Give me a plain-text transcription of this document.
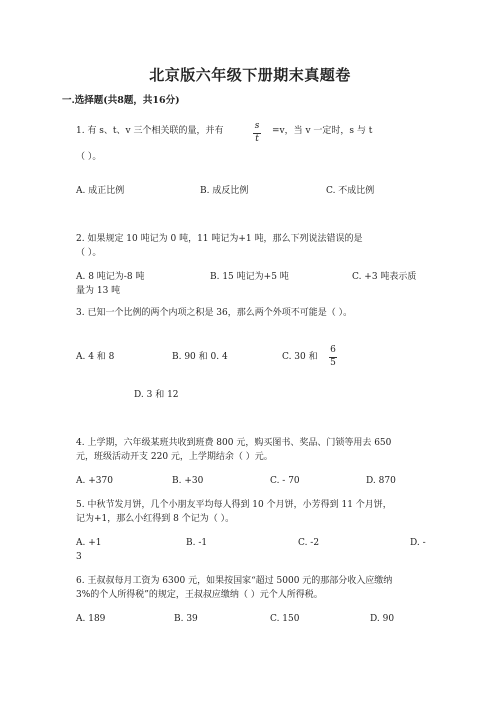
北京版六年级下册期末真题卷
一.选择题(共8题，共16分)
1. 有 s、t、v 三个相关联的量，并有	s
t
=v，当 v 一定时，s 与 t
（ ）。
A. 成正比例	B. 成反比例	C. 不成比例
2. 如果规定 10 吨记为 0 吨，11 吨记为+1 吨，那么下列说法错误的是
（ ）。
A. 8 吨记为-8 吨	B. 15 吨记为+5 吨	C. +3 吨表示质
量为 13 吨
3. 已知一个比例的两个内项之积是 36，那么两个外项不可能是（ ）。
A. 4 和 8	B. 90 和 0. 4	C. 30 和
6
5
D. 3 和 12
4. 上学期，六年级某班共收到班费 800 元，购买图书、奖品、门锁等用去 650
元，班级活动开支 220 元，上学期结余（ ）元。
A. +370	B. +30	C. - 70	D. 870
5. 中秋节发月饼，几个小朋友平均每人得到 10 个月饼，小芳得到 11 个月饼，
记为+1，那么小红得到 8 个记为（ ）。
A. +1	B. -1	C. -2	D. -
3
6. 王叔叔每月工资为 6300 元，如果按国家“超过 5000 元的那部分收入应缴纳
3%的个人所得税”的规定，王叔叔应缴纳（ ）元个人所得税。
A. 189	B. 39	C. 150	D. 90
